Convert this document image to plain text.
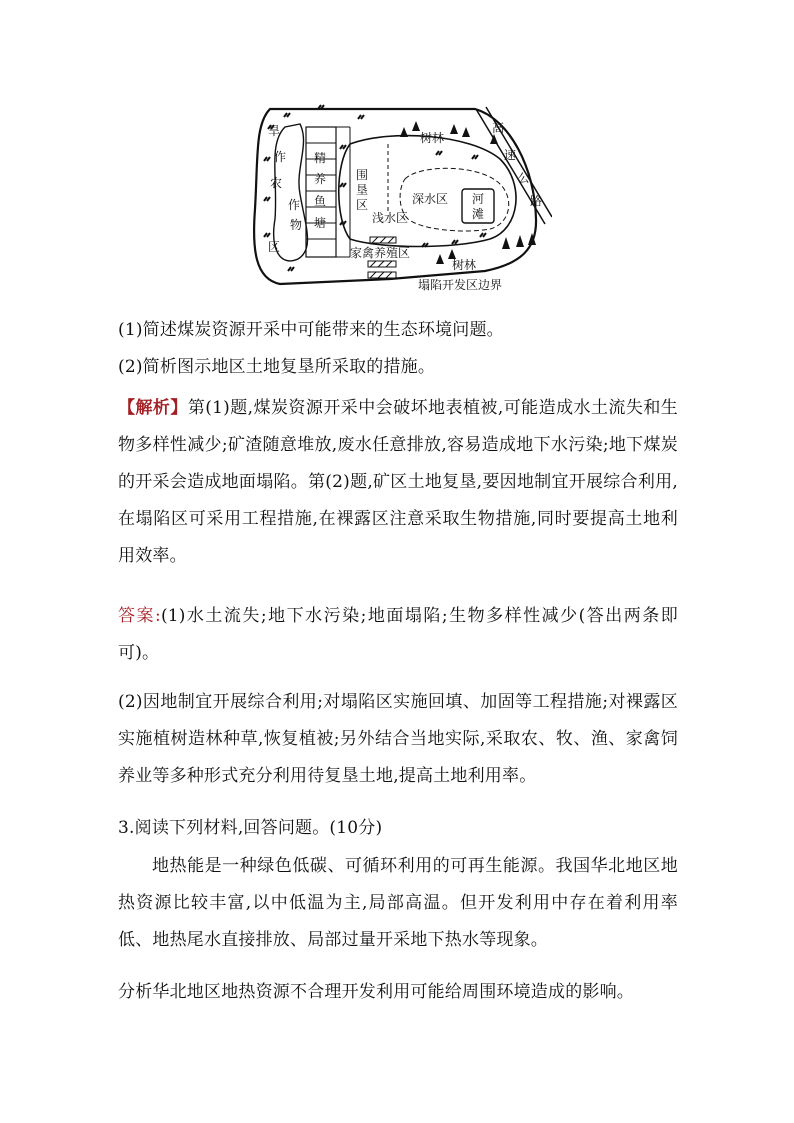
旱
作
农
作
物
区
精
养
鱼
塘
围
垦
区
树林
深水区 河
滩
浅水区
高
速
公
路
家禽养殖区
树林
塌陷开发区边界

(1)简述煤炭资源开采中可能带来的生态环境问题。

(2)简析图示地区土地复垦所采取的措施。

【解析】第(1)题,煤炭资源开采中会破坏地表植被,可能造成水土流失和生物多样性减少;矿渣随意堆放,废水任意排放,容易造成地下水污染;地下煤炭的开采会造成地面塌陷。第(2)题,矿区土地复垦,要因地制宜开展综合利用,在塌陷区可采用工程措施,在裸露区注意采取生物措施,同时要提高土地利用效率。

答案:(1)水土流失;地下水污染;地面塌陷;生物多样性减少(答出两条即可)。

(2)因地制宜开展综合利用;对塌陷区实施回填、加固等工程措施;对裸露区实施植树造林种草,恢复植被;另外结合当地实际,采取农、牧、渔、家禽饲养业等多种形式充分利用待复垦土地,提高土地利用率。

3.阅读下列材料,回答问题。(10分)

地热能是一种绿色低碳、可循环利用的可再生能源。我国华北地区地热资源比较丰富,以中低温为主,局部高温。但开发利用中存在着利用率低、地热尾水直接排放、局部过量开采地下热水等现象。

分析华北地区地热资源不合理开发利用可能给周围环境造成的影响。
